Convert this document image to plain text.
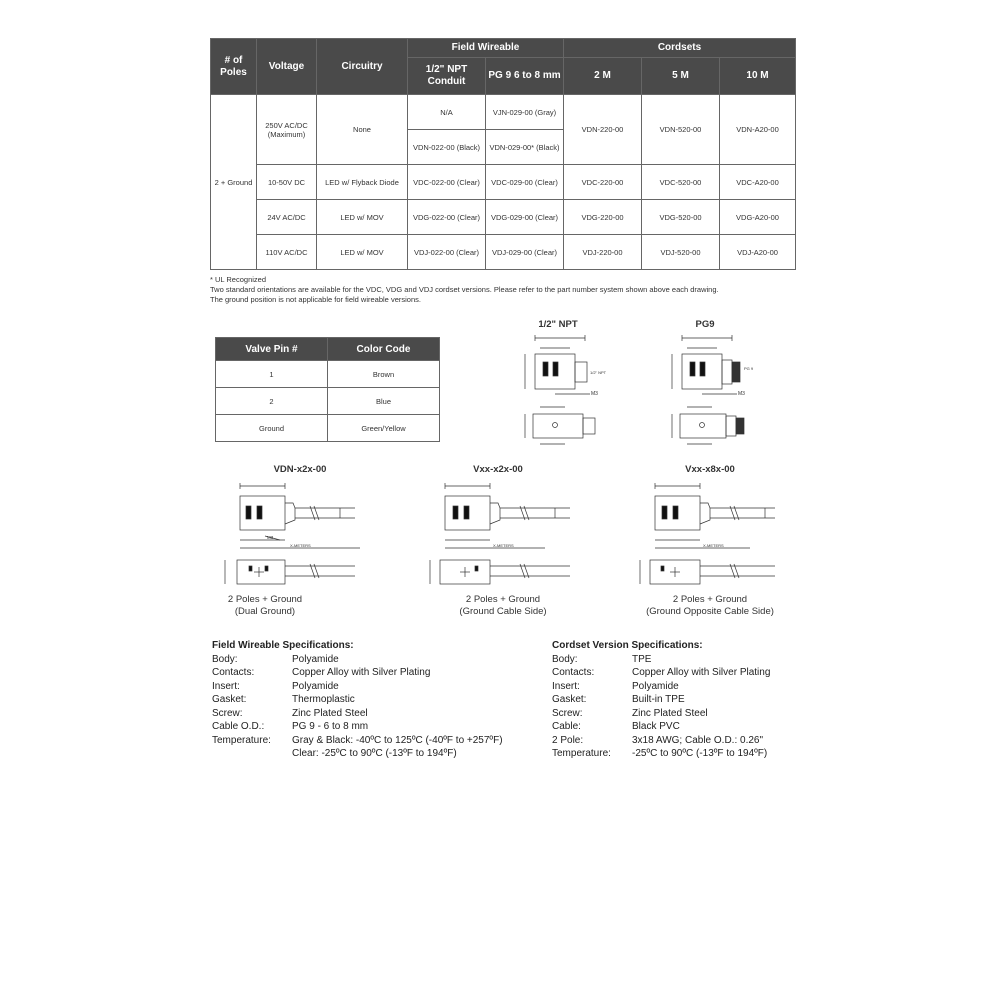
# of Poles	Voltage	Circuitry	Field Wireable		Cordsets		
			1/2" NPT Conduit	PG 9 6 to 8 mm	2 M	5 M	10 M
2 + Ground	250V AC/DC (Maximum)	None	N/A	VJN-029-00 (Gray)	VDN-220-00	VDN-520-00	VDN-A20-00
			VDN-022-00 (Black)	VDN-029-00* (Black)			
	10-50V DC	LED w/ Flyback Diode	VDC-022-00 (Clear)	VDC-029-00 (Clear)	VDC-220-00	VDC-520-00	VDC-A20-00
	24V AC/DC	LED w/ MOV	VDG-022-00 (Clear)	VDG-029-00 (Clear)	VDG-220-00	VDG-520-00	VDG-A20-00
	110V AC/DC	LED w/ MOV	VDJ-022-00 (Clear)	VDJ-029-00 (Clear)	VDJ-220-00	VDJ-520-00	VDJ-A20-00
* UL Recognized
Two standard orientations are available for the VDC, VDG and VDJ cordset versions. Please refer to the part number system shown above each drawing.
The ground position is not applicable for field wireable versions.
Valve Pin #	Color Code
1	Brown
2	Blue
Ground	Green/Yellow
1/2" NPT	PG9
1/2" NPT
M3
PG 9
M3
VDN-x2x-00	Vxx-x2x-00	Vxx-x8x-00
M3
X-METERS	X-METERS	X-METERS
2 Poles + Ground
(Dual Ground)
2 Poles + Ground
(Ground Cable Side)
2 Poles + Ground
(Ground Opposite Cable Side)
Field Wireable Specifications:
Body:	Polyamide
Contacts:	Copper Alloy with Silver Plating
Insert:	Polyamide
Gasket:	Thermoplastic
Screw:	Zinc Plated Steel
Cable O.D.:	PG 9 - 6 to 8 mm
Temperature:	Gray & Black: -40ºC to 125ºC (-40ºF to +257ºF)
Clear: -25ºC to 90ºC (-13ºF to 194ºF)
Cordset Version Specifications:
Body:	TPE
Contacts:	Copper Alloy with Silver Plating
Insert:	Polyamide
Gasket:	Built-in TPE
Screw:	Zinc Plated Steel
Cable:	Black PVC
2 Pole:	3x18 AWG; Cable O.D.: 0.26"
Temperature:	-25ºC to 90ºC (-13ºF to 194ºF)
